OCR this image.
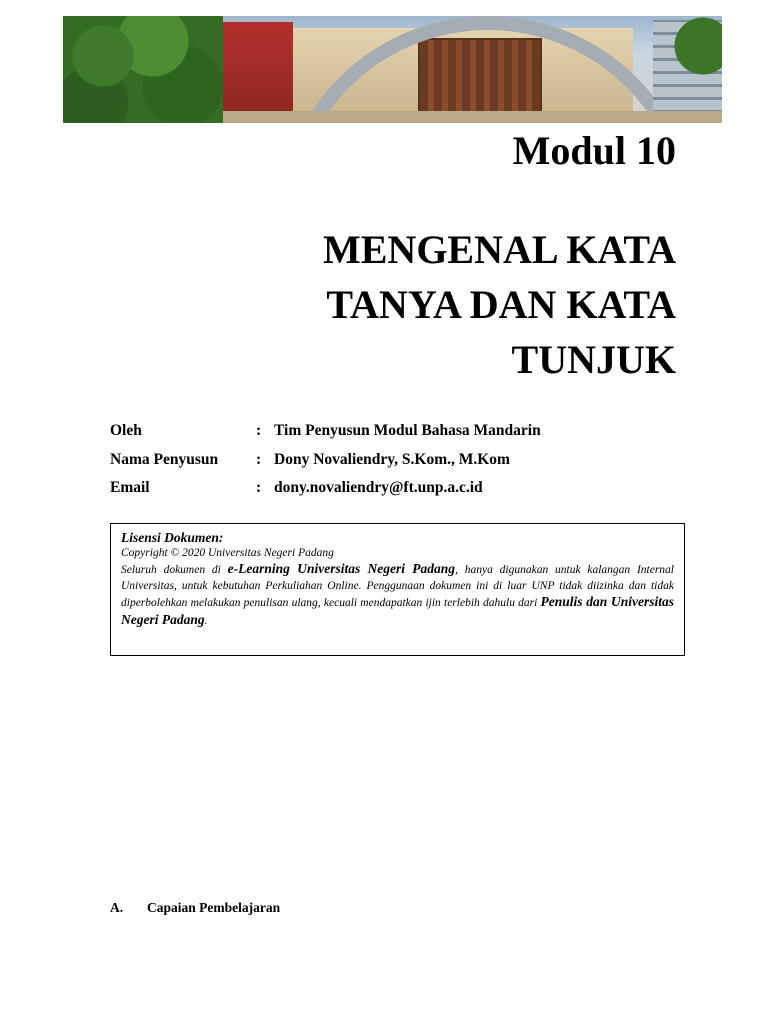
Modul 10
MENGENAL KATA
TANYA DAN KATA
TUNJUK
Oleh	: Tim Penyusun Modul Bahasa Mandarin
Nama Penyusun	: Dony Novaliendry, S.Kom., M.Kom
Email	: dony.novaliendry@ft.unp.a.c.id
Lisensi Dokumen:
Copyright © 2020 Universitas Negeri Padang
Seluruh dokumen di e-Learning Universitas Negeri Padang, hanya digunakan untuk kalangan Internal Universitas, untuk kebutuhan Perkuliahan Online. Penggunaan dokumen ini di luar UNP tidak diizinka dan tidak diperbolehkan melakukan penulisan ulang, kecuali mendapatkan ijin terlebih dahulu dari Penulis dan Universitas Negeri Padang.
A. Capaian Pembelajaran
